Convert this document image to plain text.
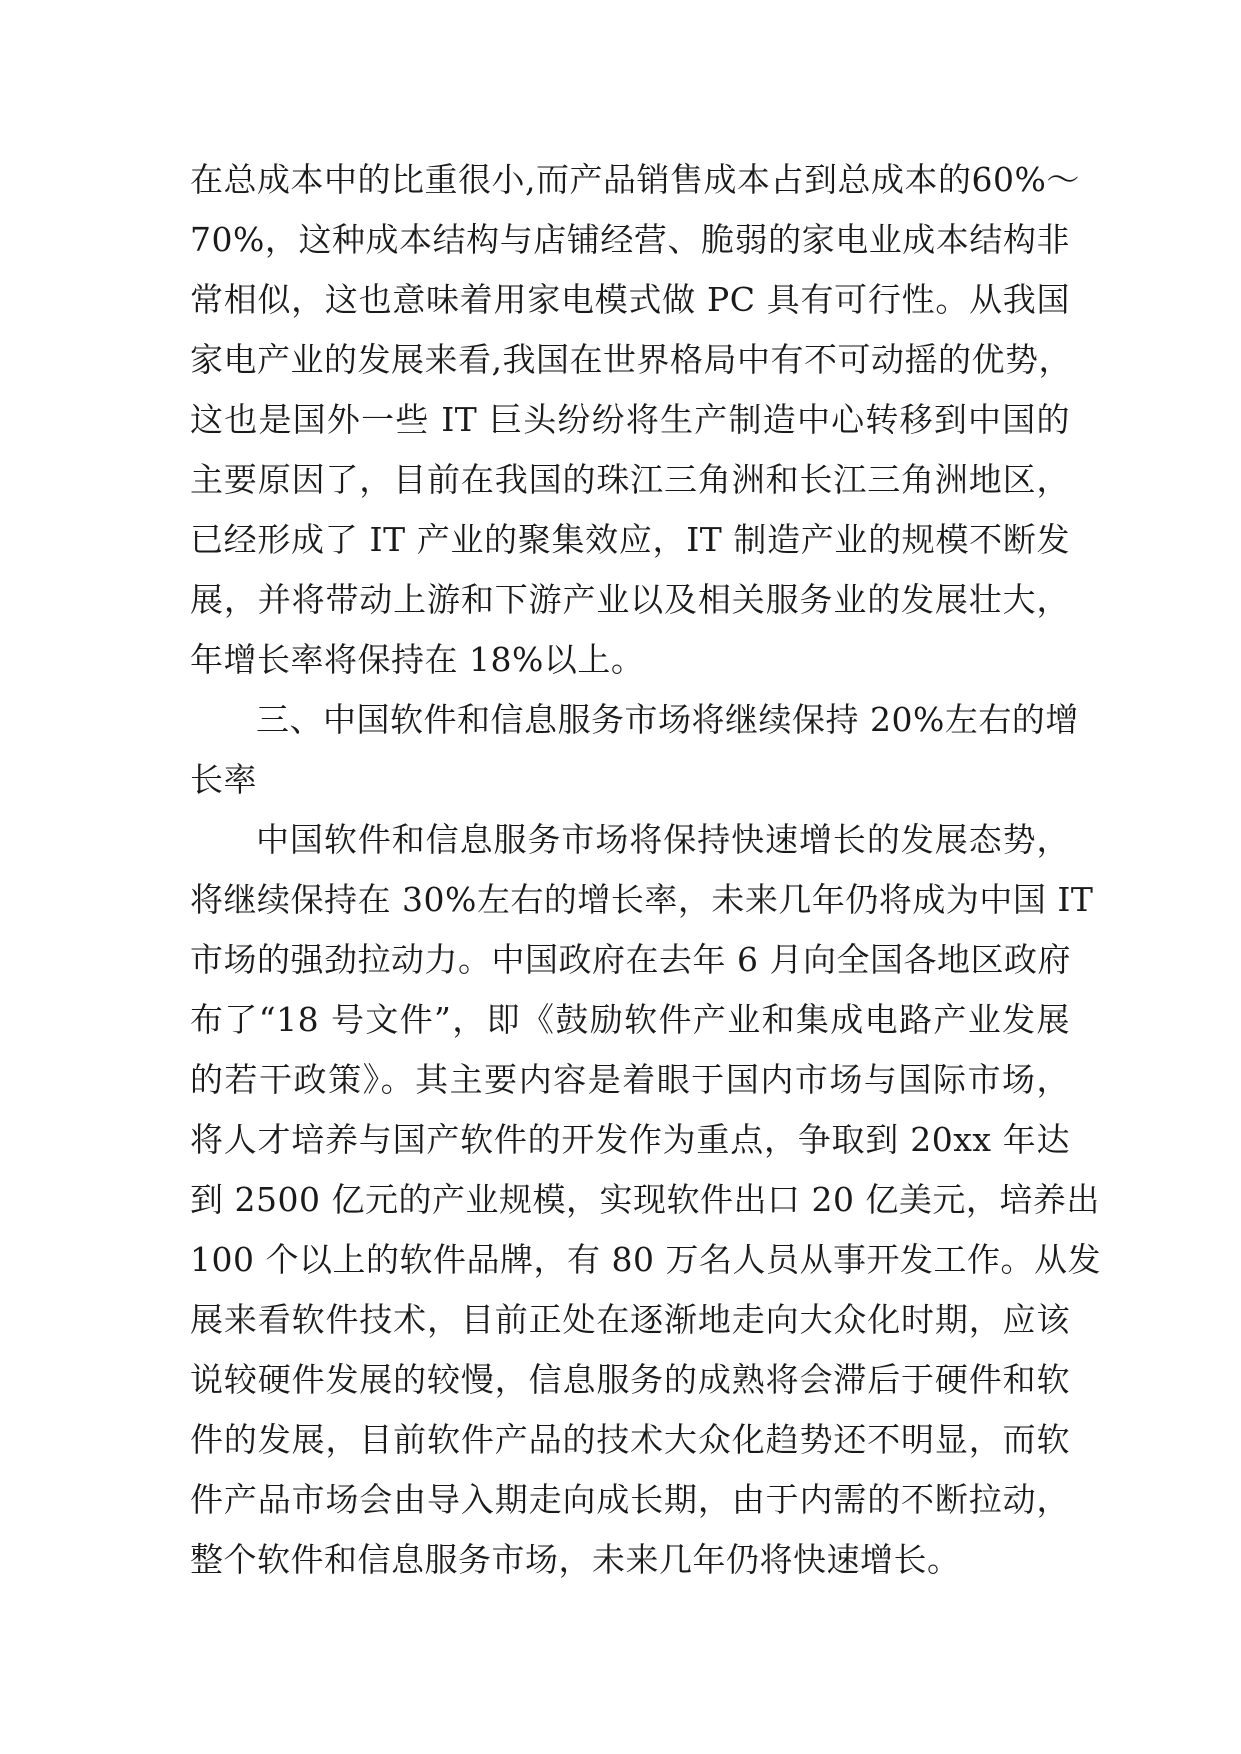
在总成本中的比重很小,而产品销售成本占到总成本的60%～
70%，这种成本结构与店铺经营、脆弱的家电业成本结构非
常相似，这也意味着用家电模式做 PC 具有可行性。从我国
家电产业的发展来看,我国在世界格局中有不可动摇的优势，
这也是国外一些 IT 巨头纷纷将生产制造中心转移到中国的
主要原因了，目前在我国的珠江三角洲和长江三角洲地区，
已经形成了 IT 产业的聚集效应，IT 制造产业的规模不断发
展，并将带动上游和下游产业以及相关服务业的发展壮大，
年增长率将保持在 18%以上。
三、中国软件和信息服务市场将继续保持 20%左右的增
长率
中国软件和信息服务市场将保持快速增长的发展态势，
将继续保持在 30%左右的增长率，未来几年仍将成为中国 IT
市场的强劲拉动力。中国政府在去年 6 月向全国各地区政府
布了“18 号文件”，即《鼓励软件产业和集成电路产业发展
的若干政策》。其主要内容是着眼于国内市场与国际市场，
将人才培养与国产软件的开发作为重点，争取到 20xx 年达
到 2500 亿元的产业规模，实现软件出口 20 亿美元，培养出
100 个以上的软件品牌，有 80 万名人员从事开发工作。从发
展来看软件技术，目前正处在逐渐地走向大众化时期，应该
说较硬件发展的较慢，信息服务的成熟将会滞后于硬件和软
件的发展，目前软件产品的技术大众化趋势还不明显，而软
件产品市场会由导入期走向成长期，由于内需的不断拉动，
整个软件和信息服务市场，未来几年仍将快速增长。
